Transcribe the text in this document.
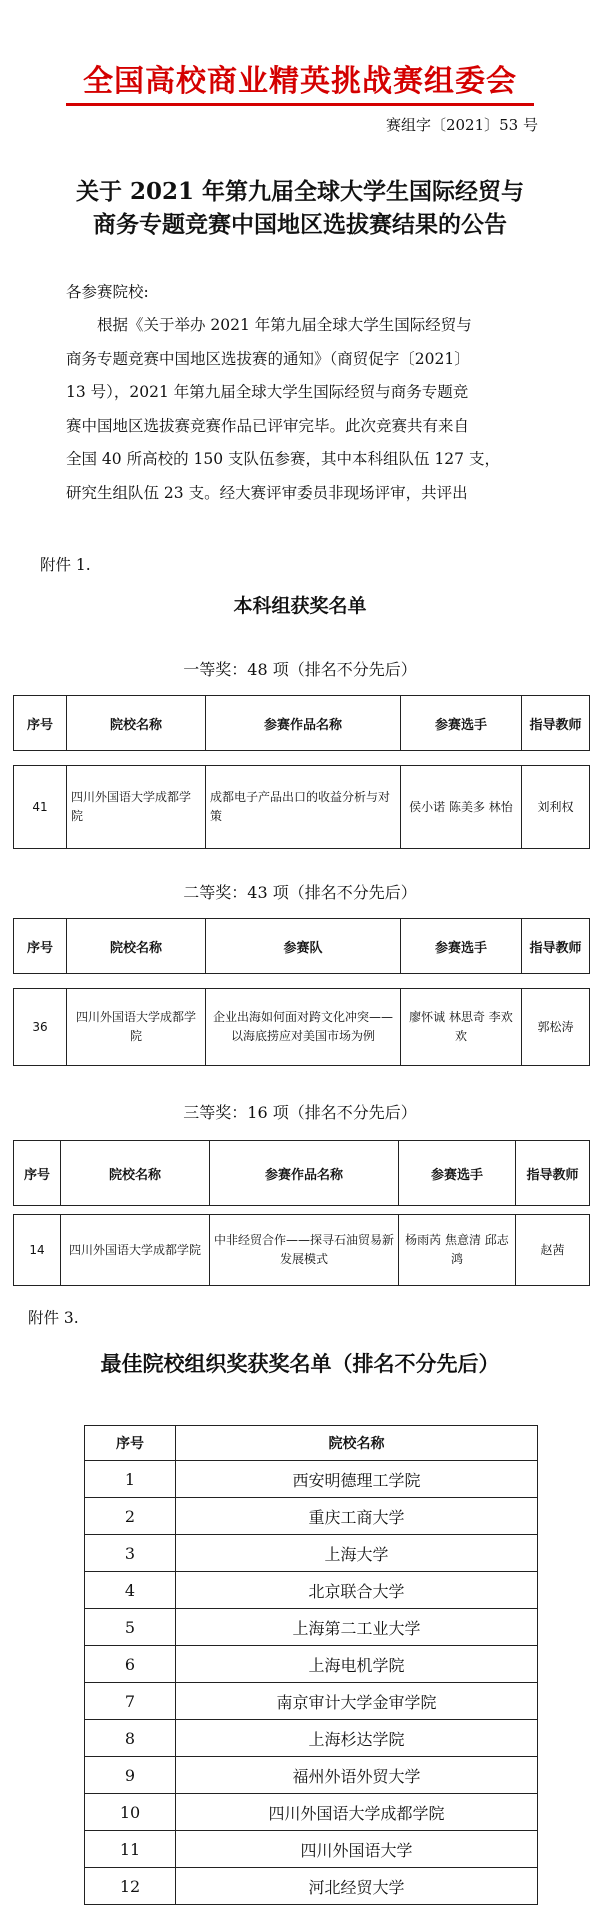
全国高校商业精英挑战赛组委会
赛组字〔2021〕53 号
关于 2021 年第九届全球大学生国际经贸与
商务专题竞赛中国地区选拔赛结果的公告
各参赛院校:
根据《关于举办 2021 年第九届全球大学生国际经贸与
商务专题竞赛中国地区选拔赛的通知》（商贸促字〔2021〕
13 号），2021 年第九届全球大学生国际经贸与商务专题竞
赛中国地区选拔赛竞赛作品已评审完毕。此次竞赛共有来自
全国 40 所高校的 150 支队伍参赛，其中本科组队伍 127 支，
研究生组队伍 23 支。经大赛评审委员非现场评审，共评出
附件 1.
本科组获奖名单
一等奖：48 项（排名不分先后）
序号	院校名称	参赛作品名称	参赛选手	指导教师
41	四川外国语大学成都学院	成都电子产品出口的收益分析与对策	侯小诺 陈美多 林怡	刘利权
二等奖：43 项（排名不分先后）
序号	院校名称	参赛队	参赛选手	指导教师
36	四川外国语大学成都学院	企业出海如何面对跨文化冲突——以海底捞应对美国市场为例	廖怀诚 林思奇 李欢欢	郭松涛
三等奖：16 项（排名不分先后）
序号	院校名称	参赛作品名称	参赛选手	指导教师
14	四川外国语大学成都学院	中非经贸合作——探寻石油贸易新发展模式	杨雨芮 焦意清 邱志鸿	赵茜
附件 3.
最佳院校组织奖获奖名单（排名不分先后）
序号	院校名称
1	西安明德理工学院
2	重庆工商大学
3	上海大学
4	北京联合大学
5	上海第二工业大学
6	上海电机学院
7	南京审计大学金审学院
8	上海杉达学院
9	福州外语外贸大学
10	四川外国语大学成都学院
11	四川外国语大学
12	河北经贸大学
